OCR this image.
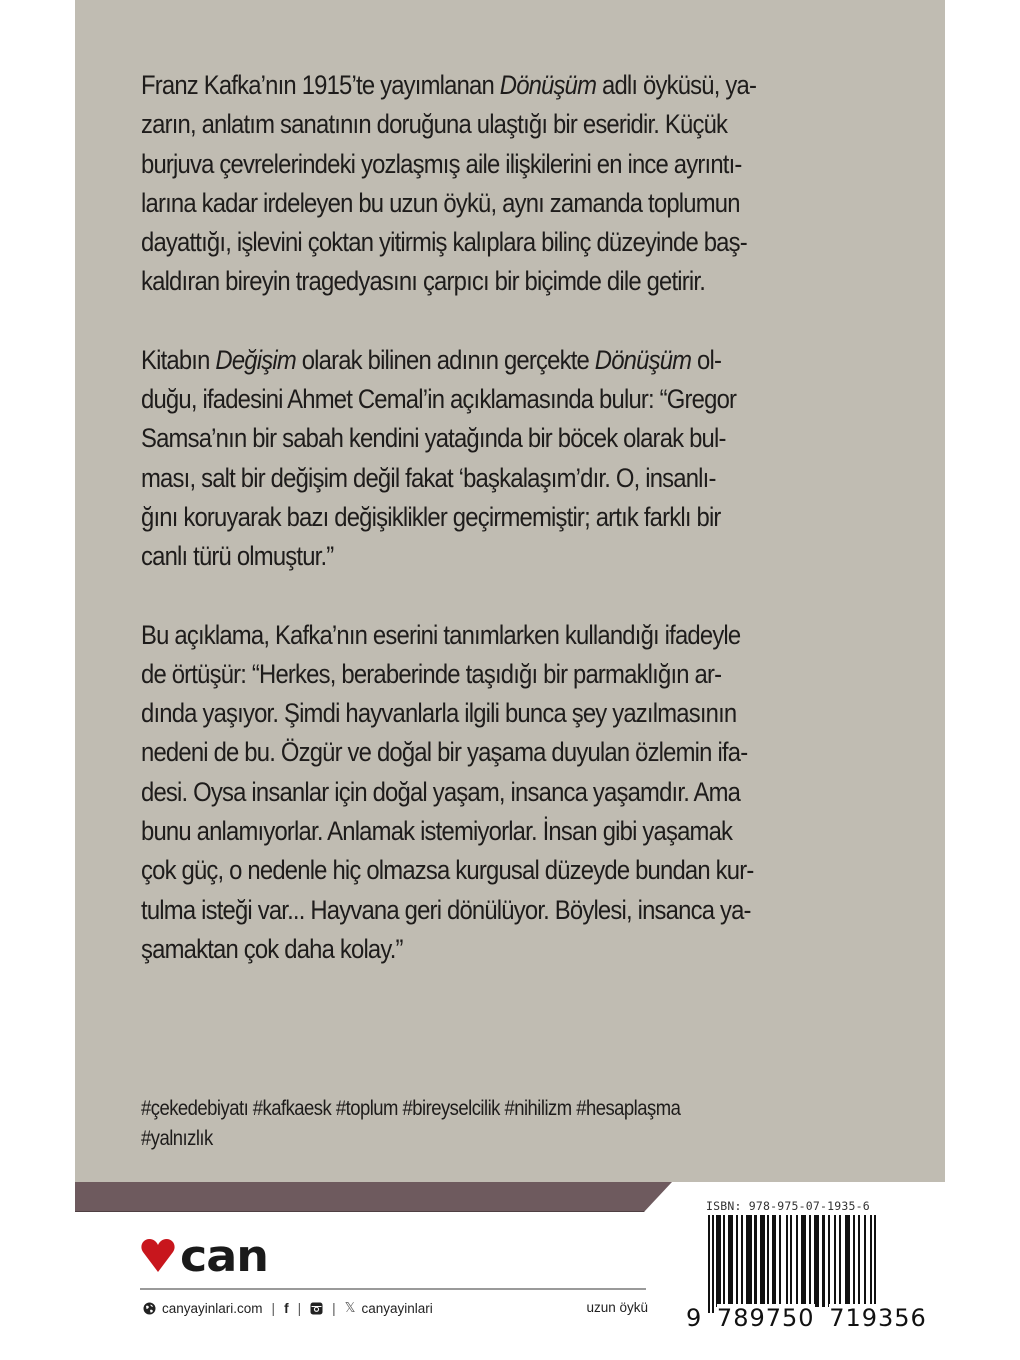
Franz Kafka’nın 1915’te yayımlanan Dönüşüm adlı öyküsü, ya-
zarın, anlatım sanatının doruğuna ulaştığı bir eseridir. Küçük
burjuva çevrelerindeki yozlaşmış aile ilişkilerini en ince ayrıntı-
larına kadar irdeleyen bu uzun öykü, aynı zamanda toplumun
dayattığı, işlevini çoktan yitirmiş kalıplara bilinç düzeyinde baş-
kaldıran bireyin tragedyasını çarpıcı bir biçimde dile getirir.
Kitabın Değişim olarak bilinen adının gerçekte Dönüşüm ol-
duğu, ifadesini Ahmet Cemal’in açıklamasında bulur: “Gregor
Samsa’nın bir sabah kendini yatağında bir böcek olarak bul-
ması, salt bir değişim değil fakat ‘başkalaşım’dır. O, insanlı-
ğını koruyarak bazı değişiklikler geçirmemiştir; artık farklı bir
canlı türü olmuştur.”
Bu açıklama, Kafka’nın eserini tanımlarken kullandığı ifadeyle
de örtüşür: “Herkes, beraberinde taşıdığı bir parmaklığın ar-
dında yaşıyor. Şimdi hayvanlarla ilgili bunca şey yazılmasının
nedeni de bu. Özgür ve doğal bir yaşama duyulan özlemin ifa-
desi. Oysa insanlar için doğal yaşam, insanca yaşamdır. Ama
bunu anlamıyorlar. Anlamak istemiyorlar. İnsan gibi yaşamak
çok güç, o nedenle hiç olmazsa kurgusal düzeyde bundan kur-
tulma isteği var... Hayvana geri dönülüyor. Böylesi, insanca ya-
şamaktan çok daha kolay.”
#çekedebiyatı #kafkaesk #toplum #bireyselcilik #nihilizm #hesaplaşma
#yalnızlık
can
canyayinlari.com | f | | 𝕏 canyayinlari	uzun öykü
ISBN: 978-975-07-1935-6
9 789750 719356
